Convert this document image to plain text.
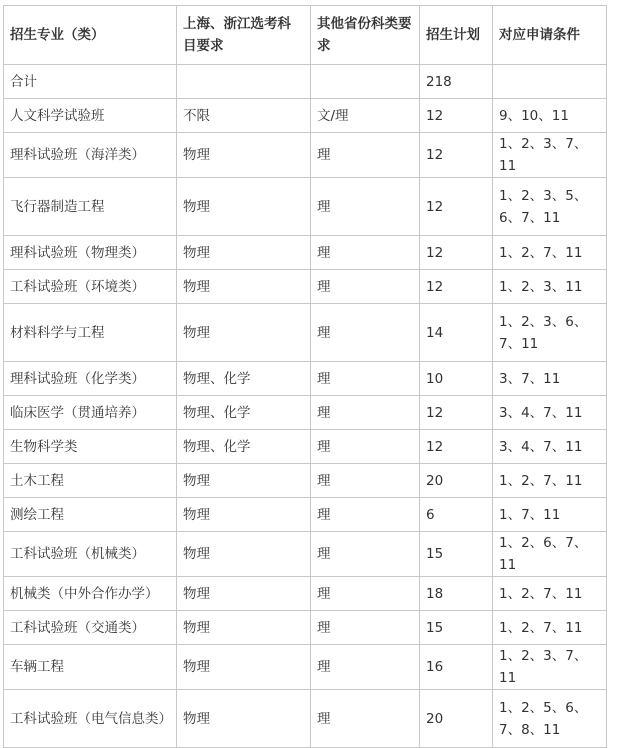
招生专业（类）	上海、浙江选考科目要求	其他省份科类要求	招生计划	对应申请条件
合计			218	
人文科学试验班	不限	文/理	12	9、10、11
理科试验班（海洋类）	物理	理	12	1、2、3、7、11
飞行器制造工程	物理	理	12	1、2、3、5、6、7、11
理科试验班（物理类）	物理	理	12	1、2、7、11
工科试验班（环境类）	物理	理	12	1、2、3、11
材料科学与工程	物理	理	14	1、2、3、6、7、11
理科试验班（化学类）	物理、化学	理	10	3、7、11
临床医学（贯通培养）	物理、化学	理	12	3、4、7、11
生物科学类	物理、化学	理	12	3、4、7、11
土木工程	物理	理	20	1、2、7、11
测绘工程	物理	理	6	1、7、11
工科试验班（机械类）	物理	理	15	1、2、6、7、11
机械类（中外合作办学）	物理	理	18	1、2、7、11
工科试验班（交通类）	物理	理	15	1、2、7、11
车辆工程	物理	理	16	1、2、3、7、11
工科试验班（电气信息类）	物理	理	20	1、2、5、6、7、8、11
